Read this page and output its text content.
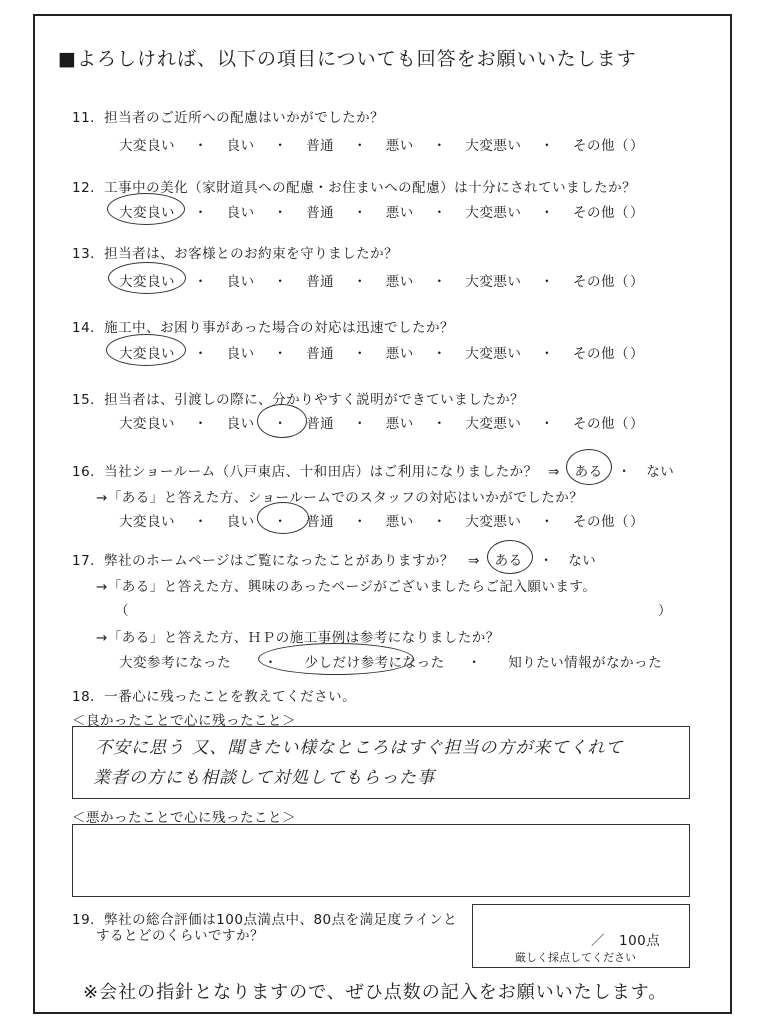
■よろしければ、以下の項目についても回答をお願いいたします
11．担当者のご近所への配慮はいかがでしたか？
大変良い ・ 良い ・ 普通 ・ 悪い ・ 大変悪い ・ その他（ ）
12．工事中の美化（家財道具への配慮・お住まいへの配慮）は十分にされていましたか？
大変良い ・ 良い ・ 普通 ・ 悪い ・ 大変悪い ・ その他（ ）
13．担当者は、お客様とのお約束を守りましたか？
大変良い ・ 良い ・ 普通 ・ 悪い ・ 大変悪い ・ その他（ ）
14．施工中、お困り事があった場合の対応は迅速でしたか？
大変良い ・ 良い ・ 普通 ・ 悪い ・ 大変悪い ・ その他（ ）
15．担当者は、引渡しの際に、分かりやすく説明ができていましたか？
大変良い ・ 良い ・ 普通 ・ 悪い ・ 大変悪い ・ その他（ ）
16．当社ショールーム（八戸東店、十和田店）はご利用になりましたか？ ⇒ ある ・ ない
→「ある」と答えた方、ショールームでのスタッフの対応はいかがでしたか？
大変良い ・ 良い ・ 普通 ・ 悪い ・ 大変悪い ・ その他（ ）
17．弊社のホームページはご覧になったことがありますか？ ⇒ ある ・ ない
→「ある」と答えた方、興味のあったページがございましたらご記入願います。
（	）
→「ある」と答えた方、ＨＰの施工事例は参考になりましたか？
大変参考になった ・ 少しだけ参考になった ・ 知りたい情報がなかった
18．一番心に残ったことを教えてください。
＜良かったことで心に残ったこと＞
不安に思う 又、聞きたい様なところはすぐ担当の方が来てくれて
業者の方にも相談して対処してもらった事
＜悪かったことで心に残ったこと＞
19．弊社の総合評価は100点満点中、80点を満足度ラインと
するとどのくらいですか？	／　100点
厳しく採点してください
※会社の指針となりますので、ぜひ点数の記入をお願いいたします。
